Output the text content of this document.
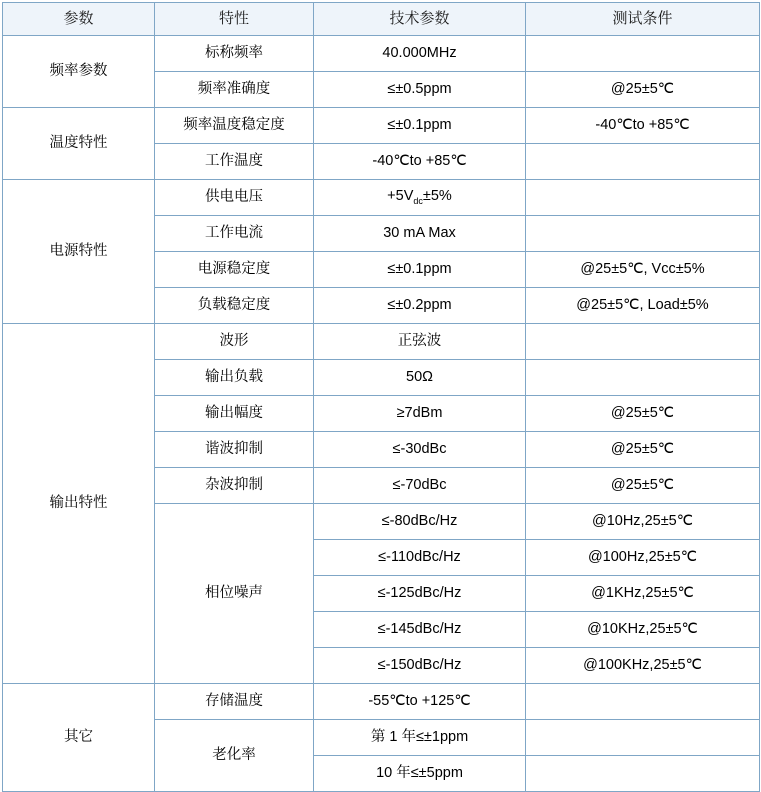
参数	特性	技术参数	测试条件
频率参数	标称频率	40.000MHz	
	频率准确度	≤±0.5ppm	@25±5℃
温度特性	频率温度稳定度	≤±0.1ppm	-40℃to +85℃
	工作温度	-40℃to +85℃	
电源特性	供电电压	$+5V_{dc}\pm 5\%$	
	工作电流	30 mA Max	
	电源稳定度	≤±0.1ppm	@25±5℃, Vcc±5%
	负载稳定度	≤±0.2ppm	@25±5℃, Load±5%
输出特性	波形	正弦波	
	输出负载	50Ω	
	输出幅度	≥7dBm	@25±5℃
	谐波抑制	≤-30dBc	@25±5℃
	杂波抑制	≤-70dBc	@25±5℃
	相位噪声	≤-80dBc/Hz	@10Hz,25±5℃
		≤-110dBc/Hz	@100Hz,25±5℃
		≤-125dBc/Hz	@1KHz,25±5℃
		≤-145dBc/Hz	@10KHz,25±5℃
		≤-150dBc/Hz	@100KHz,25±5℃
其它	存储温度	-55℃to +125℃	
	老化率	第 1 年≤±1ppm	
		10 年≤±5ppm	
